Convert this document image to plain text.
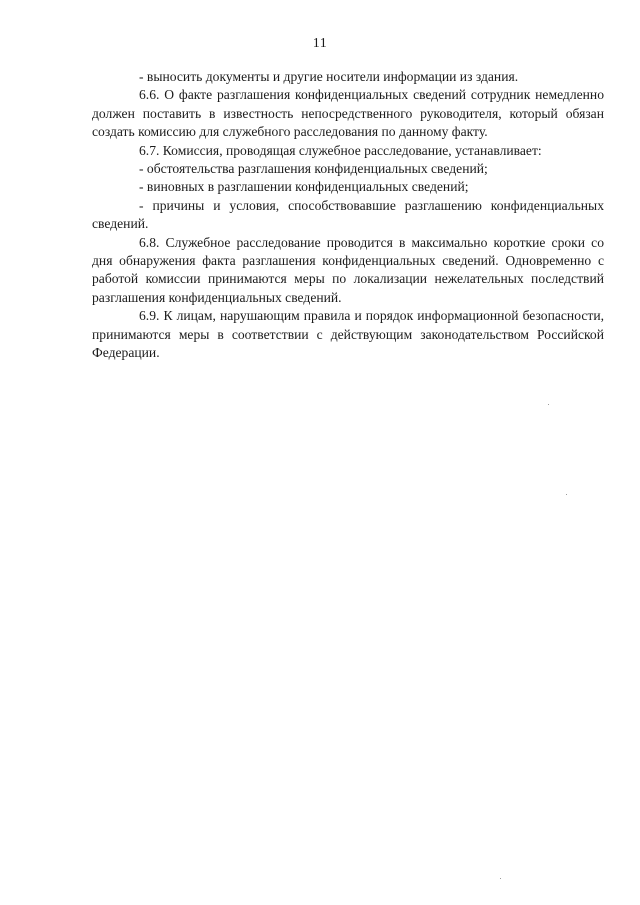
11

- выносить документы и другие носители информации из здания.

6.6. О факте разглашения конфиденциальных сведений сотрудник немедленно должен поставить в известность непосредственного руководителя, который обязан создать комиссию для служебного расследования по данному факту.

6.7. Комиссия, проводящая служебное расследование, устанавливает:

- обстоятельства разглашения конфиденциальных сведений;

- виновных в разглашении конфиденциальных сведений;

- причины и условия, способствовавшие разглашению конфиденциальных сведений.

6.8. Служебное расследование проводится в максимально короткие сроки со дня обнаружения факта разглашения конфиденциальных сведений. Одновременно с работой комиссии принимаются меры по локализации нежелательных последствий разглашения конфиденциальных сведений.

6.9. К лицам, нарушающим правила и порядок информационной безопасности, принимаются меры в соответствии с действующим законодательством Российской Федерации.
